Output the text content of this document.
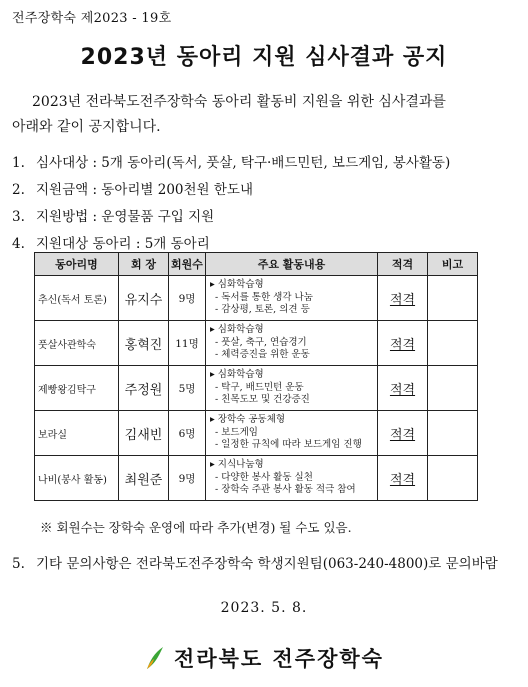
전주장학숙 제2023 - 19호
2023년 동아리 지원 심사결과 공지
2023년 전라북도전주장학숙 동아리 활동비 지원을 위한 심사결과를
아래와 같이 공지합니다.
1. 심사대상 : 5개 동아리(독서, 풋살, 탁구·배드민턴, 보드게임, 봉사활동)
2. 지원금액 : 동아리별 200천원 한도내
3. 지원방법 : 운영물품 구입 지원
4. 지원대상 동아리 : 5개 동아리
동아리명	회 장	회원수	주요 활동내용	적격	비고
추신(독서 토론)	유지수	9명	▸ 심화학습형
- 독서를 통한 생각 나눔
- 감상평, 토론, 의견 등	적격	
풋살사관학숙	홍혁진	11명	▸ 심화학습형
- 풋살, 축구, 연습경기
- 체력증진을 위한 운동	적격	
제빵왕김탁구	주정원	5명	▸ 심화학습형
- 탁구, 배드민턴 운동
- 친목도모 및 건강증진	적격	
보라실	김새빈	6명	▸ 장학숙 공동체형
- 보드게임
- 일정한 규칙에 따라 보드게임 진행	적격	
나비(봉사 활동)	최원준	9명	▸ 지식나눔형
- 다양한 봉사 활동 실천
- 장학숙 주관 봉사 활동 적극 참여	적격	
※ 회원수는 장학숙 운영에 따라 추가(변경) 될 수도 있음.
5. 기타 문의사항은 전라북도전주장학숙 학생지원팀(063-240-4800)로 문의바람
2023. 5. 8.
전라북도 전주장학숙
